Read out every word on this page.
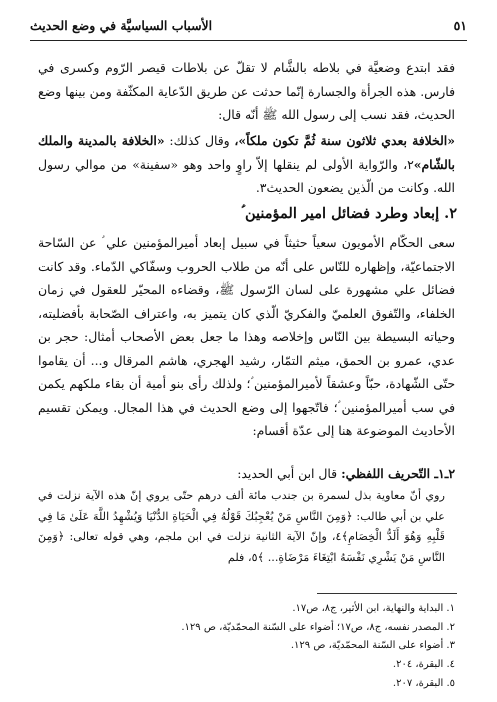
٥١
الأسباب السياسيَّة في وضع الحديث

فقد ابتدع وضعيَّة في بلاطه بالشَّام لا تقلّ عن بلاطات قيصر الرّوم وكسرى في فارس. هذه الجرأة والجسارة إنّما حدثت عن طريق الدّعاية المكثّفة ومن بينها وضع الحديث، فقد نسب إلى رسول الله ﷺ أنّه قال:

«الخلافة بعدي ثلاثون سنة ثُمَّ تكون ملكاً»، وقال كذلك: «الخلافة بالمدينة والملك بالشّام»٢، والرّواية الأولى لم ينقلها إلاّ راوٍ واحد وهو «سفينة» من موالي رسول الله. وكانت من الّذين يضعون الحديث٣.

٢. إبعاد وطرد فضائل امير المؤمنين ؑ

سعى الحكّام الأمويون سعياً حثيثاً في سبيل إبعاد أميرالمؤمنين علي ؑ عن السّاحة الاجتماعيّة، وإظهاره للنّاس على أنّه من طلاب الحروب وسفّاكي الدّماء. وقد كانت فضائل علي مشهورة على لسان الرّسول ﷺ، وقضاءه المحيّر للعقول في زمان الخلفاء، والتّفوق العلميّ والفكريّ الّذي كان يتميز به، واعتراف الصّحابة بأفضليته، وحياته البسيطة بين النّاس وإخلاصه وهذا ما جعل بعض الأصحاب أمثال: حجر بن عدي، عمرو بن الحمق، ميثم التمّار، رشيد الهجري، هاشم المرقال و... أن يقاموا حتّى الشّهادة، حبّاً وعشقاً لأميرالمؤمنين ؑ؛ ولذلك رأى بنو أمية أن بقاء ملكهم يكمن في سب أميرالمؤمنين ؑ؛ فاتّجهوا إلى وضع الحديث في هذا المجال. ويمكن تقسيم الأحاديث الموضوعة هنا إلى عدّة أقسام:

٢ـ١ـ التّحريف اللفظي: قال ابن أبي الحديد:

روي أنّ معاوية بذل لسمرة بن جندب مائة ألف درهم حتّى يروي إنّ هذه الآية نزلت في علي بن أبي طالب: ﴿وَمِنَ النَّاسِ مَنْ يُعْجِبُكَ قَوْلُهُ فِي الْحَيَاةِ الدُّنْيَا وَيُشْهِدُ اللَّهَ عَلَىٰ مَا فِي قَلْبِهِ وَهُوَ أَلَدُّ الْخِصَامِ﴾٤، وإنّ الآية الثانية نزلت في ابن ملجم، وهي قوله تعالى: ﴿وَمِنَ النَّاسِ مَنْ يَشْرِي نَفْسَهُ ابْتِغَاءَ مَرْضَاةِ... ﴾٥، فلم

١. البداية والنهاية، ابن الأثير، ج٨، ص١٧.
٢. المصدر نفسه، ج٨، ص١٧؛ أضواء على السّنة المحمّديّة، ص ١٢٩.
٣. أضواء على السّنة المحمّديّة، ص ١٢٩.
٤. البقرة، ٢٠٤.
٥. البقرة، ٢٠٧.
